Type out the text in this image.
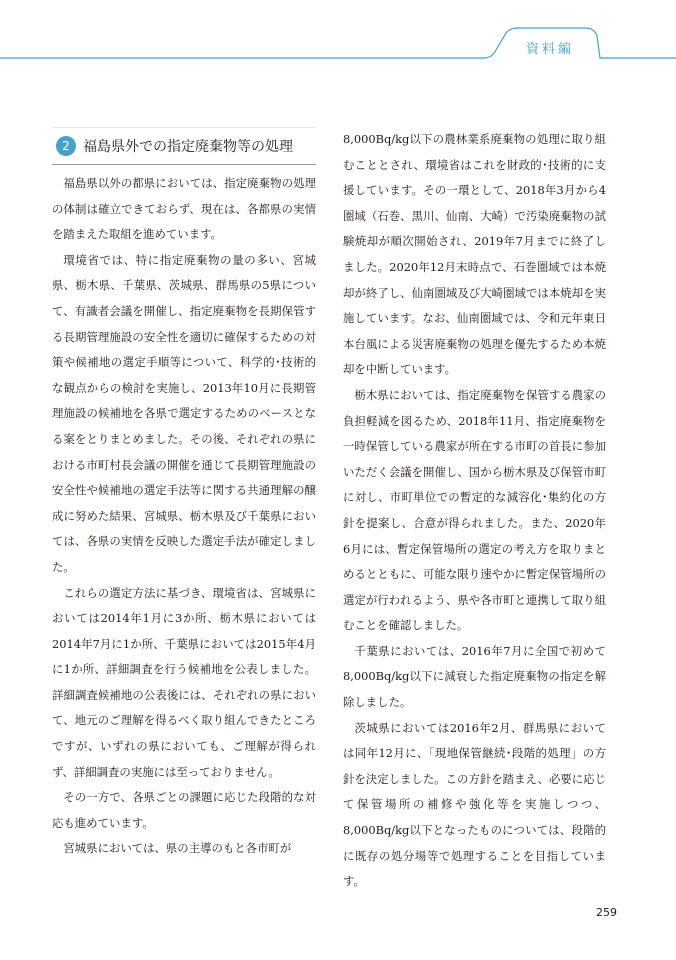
資料編
2 福島県外での指定廃棄物等の処理

福島県以外の都県においては、指定廃棄物の処理の体制は確立できておらず、現在は、各都県の実情を踏まえた取組を進めています。

環境省では、特に指定廃棄物の量の多い、宮城県、栃木県、千葉県、茨城県、群馬県の5県について、有識者会議を開催し、指定廃棄物を長期保管する長期管理施設の安全性を適切に確保するための対策や候補地の選定手順等について、科学的･技術的な観点からの検討を実施し、2013年10月に長期管理施設の候補地を各県で選定するためのベースとなる案をとりまとめました。その後、それぞれの県における市町村長会議の開催を通じて長期管理施設の安全性や候補地の選定手法等に関する共通理解の醸成に努めた結果、宮城県、栃木県及び千葉県においては、各県の実情を反映した選定手法が確定しました。

これらの選定方法に基づき、環境省は、宮城県においては2014年1月に3か所、栃木県においては2014年7月に1か所、千葉県においては2015年4月に1か所、詳細調査を行う候補地を公表しました。詳細調査候補地の公表後には、それぞれの県において、地元のご理解を得るべく取り組んできたところですが、いずれの県においても、ご理解が得られず、詳細調査の実施には至っておりません。

その一方で、各県ごとの課題に応じた段階的な対応も進めています。

宮城県においては、県の主導のもと各市町が

8,000Bq/kg以下の農林業系廃棄物の処理に取り組むこととされ、環境省はこれを財政的･技術的に支援しています。その一環として、2018年3月から4圏域（石巻、黒川、仙南、大崎）で汚染廃棄物の試験焼却が順次開始され、2019年7月までに終了しました。2020年12月末時点で、石巻圏域では本焼却が終了し、仙南圏域及び大崎圏域では本焼却を実施しています。なお、仙南圏域では、令和元年東日本台風による災害廃棄物の処理を優先するため本焼却を中断しています。

栃木県においては、指定廃棄物を保管する農家の負担軽減を図るため、2018年11月、指定廃棄物を一時保管している農家が所在する市町の首長に参加いただく会議を開催し、国から栃木県及び保管市町に対し、市町単位での暫定的な減容化･集約化の方針を提案し、合意が得られました。また、2020年6月には、暫定保管場所の選定の考え方を取りまとめるとともに、可能な限り速やかに暫定保管場所の選定が行われるよう、県や各市町と連携して取り組むことを確認しました。

千葉県においては、2016年7月に全国で初めて8,000Bq/kg以下に減衰した指定廃棄物の指定を解除しました。

茨城県においては2016年2月、群馬県においては同年12月に、「現地保管継続･段階的処理」の方針を決定しました。この方針を踏まえ、必要に応じて保管場所の補修や強化等を実施しつつ、8,000Bq/kg以下となったものについては、段階的に既存の処分場等で処理することを目指しています。

259
